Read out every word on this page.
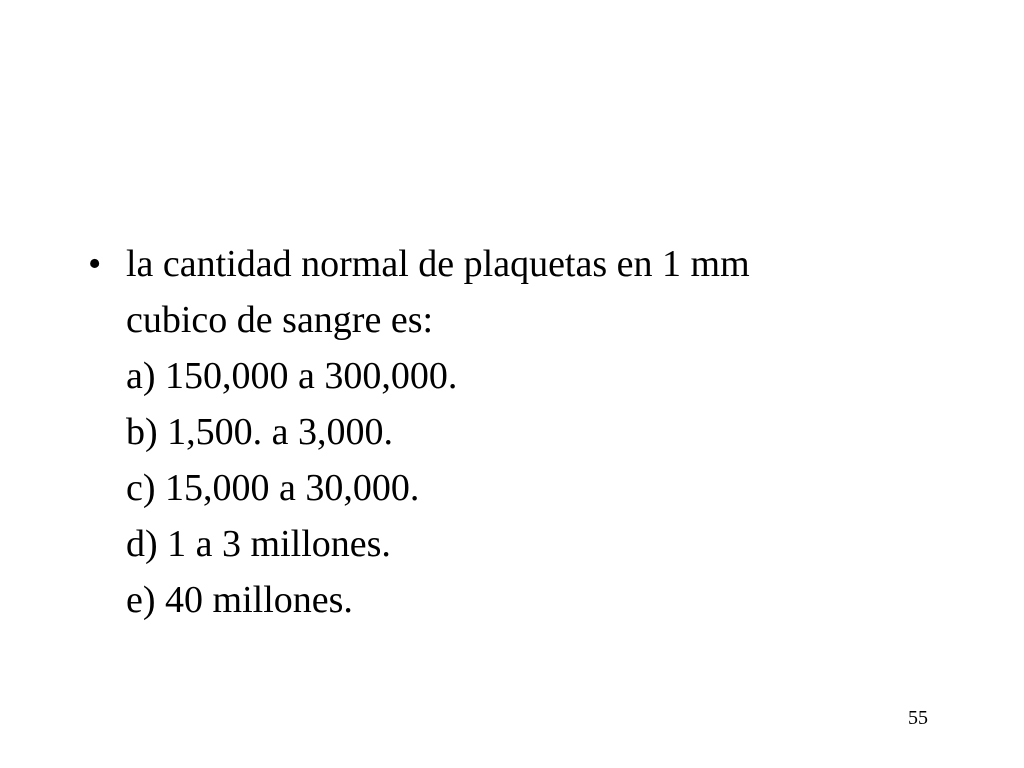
• la cantidad normal de plaquetas en 1 mm
cubico de sangre es:
a) 150,000 a 300,000.
b) 1,500. a 3,000.
c) 15,000 a 30,000.
d) 1 a 3 millones.
e) 40 millones.
55
